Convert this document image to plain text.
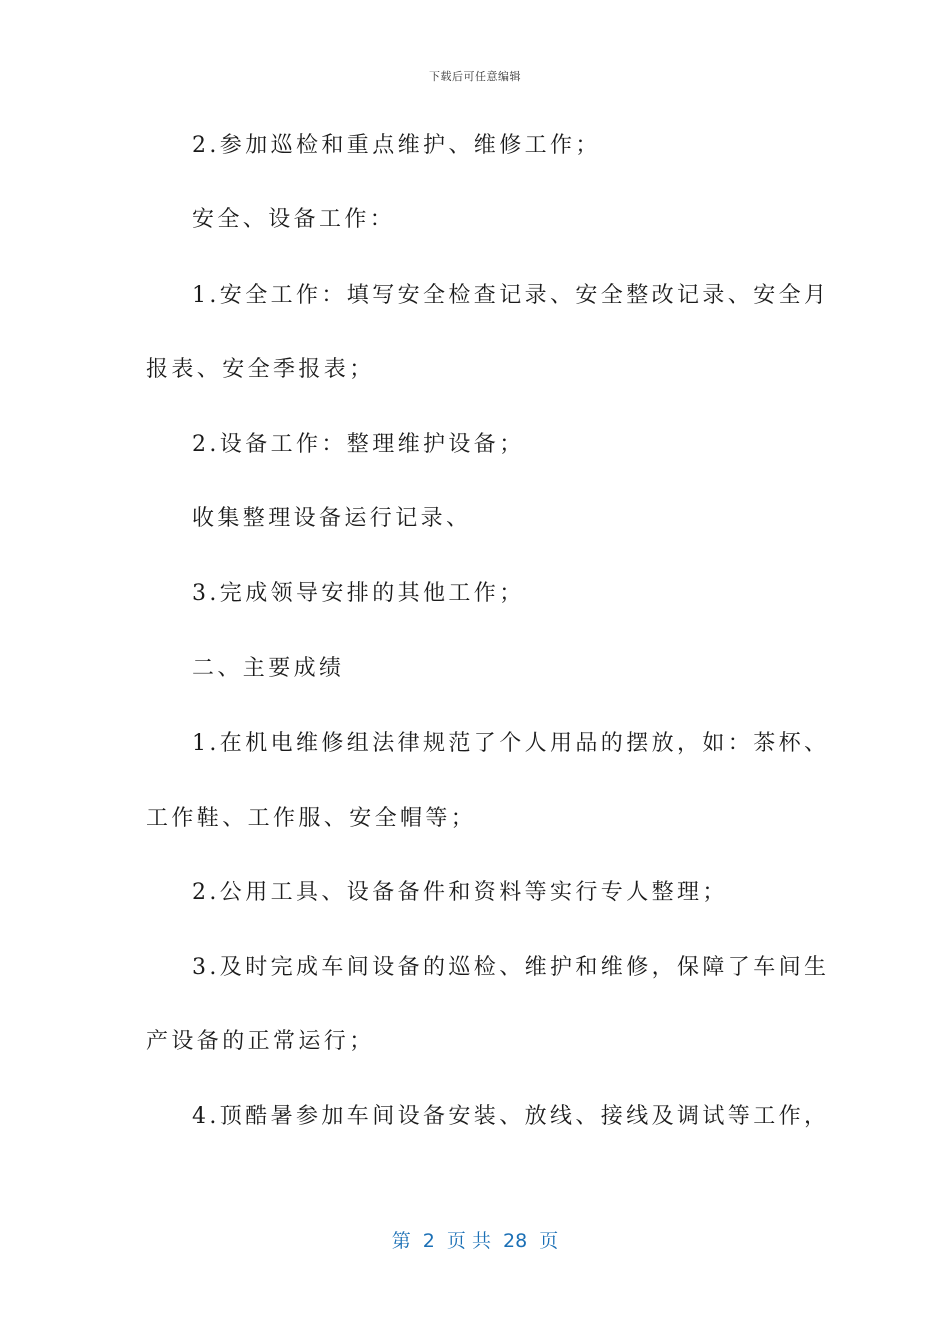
下载后可任意编辑
2.参加巡检和重点维护、维修工作；
安全、设备工作：
1.安全工作：填写安全检查记录、安全整改记录、安全月
报表、安全季报表；
2.设备工作：整理维护设备；
收集整理设备运行记录、
3.完成领导安排的其他工作；
二、主要成绩
1.在机电维修组法律规范了个人用品的摆放，如：茶杯、
工作鞋、工作服、安全帽等；
2.公用工具、设备备件和资料等实行专人整理；
3.及时完成车间设备的巡检、维护和维修，保障了车间生
产设备的正常运行；
4.顶酷暑参加车间设备安装、放线、接线及调试等工作，
第  2  页 共  28  页
